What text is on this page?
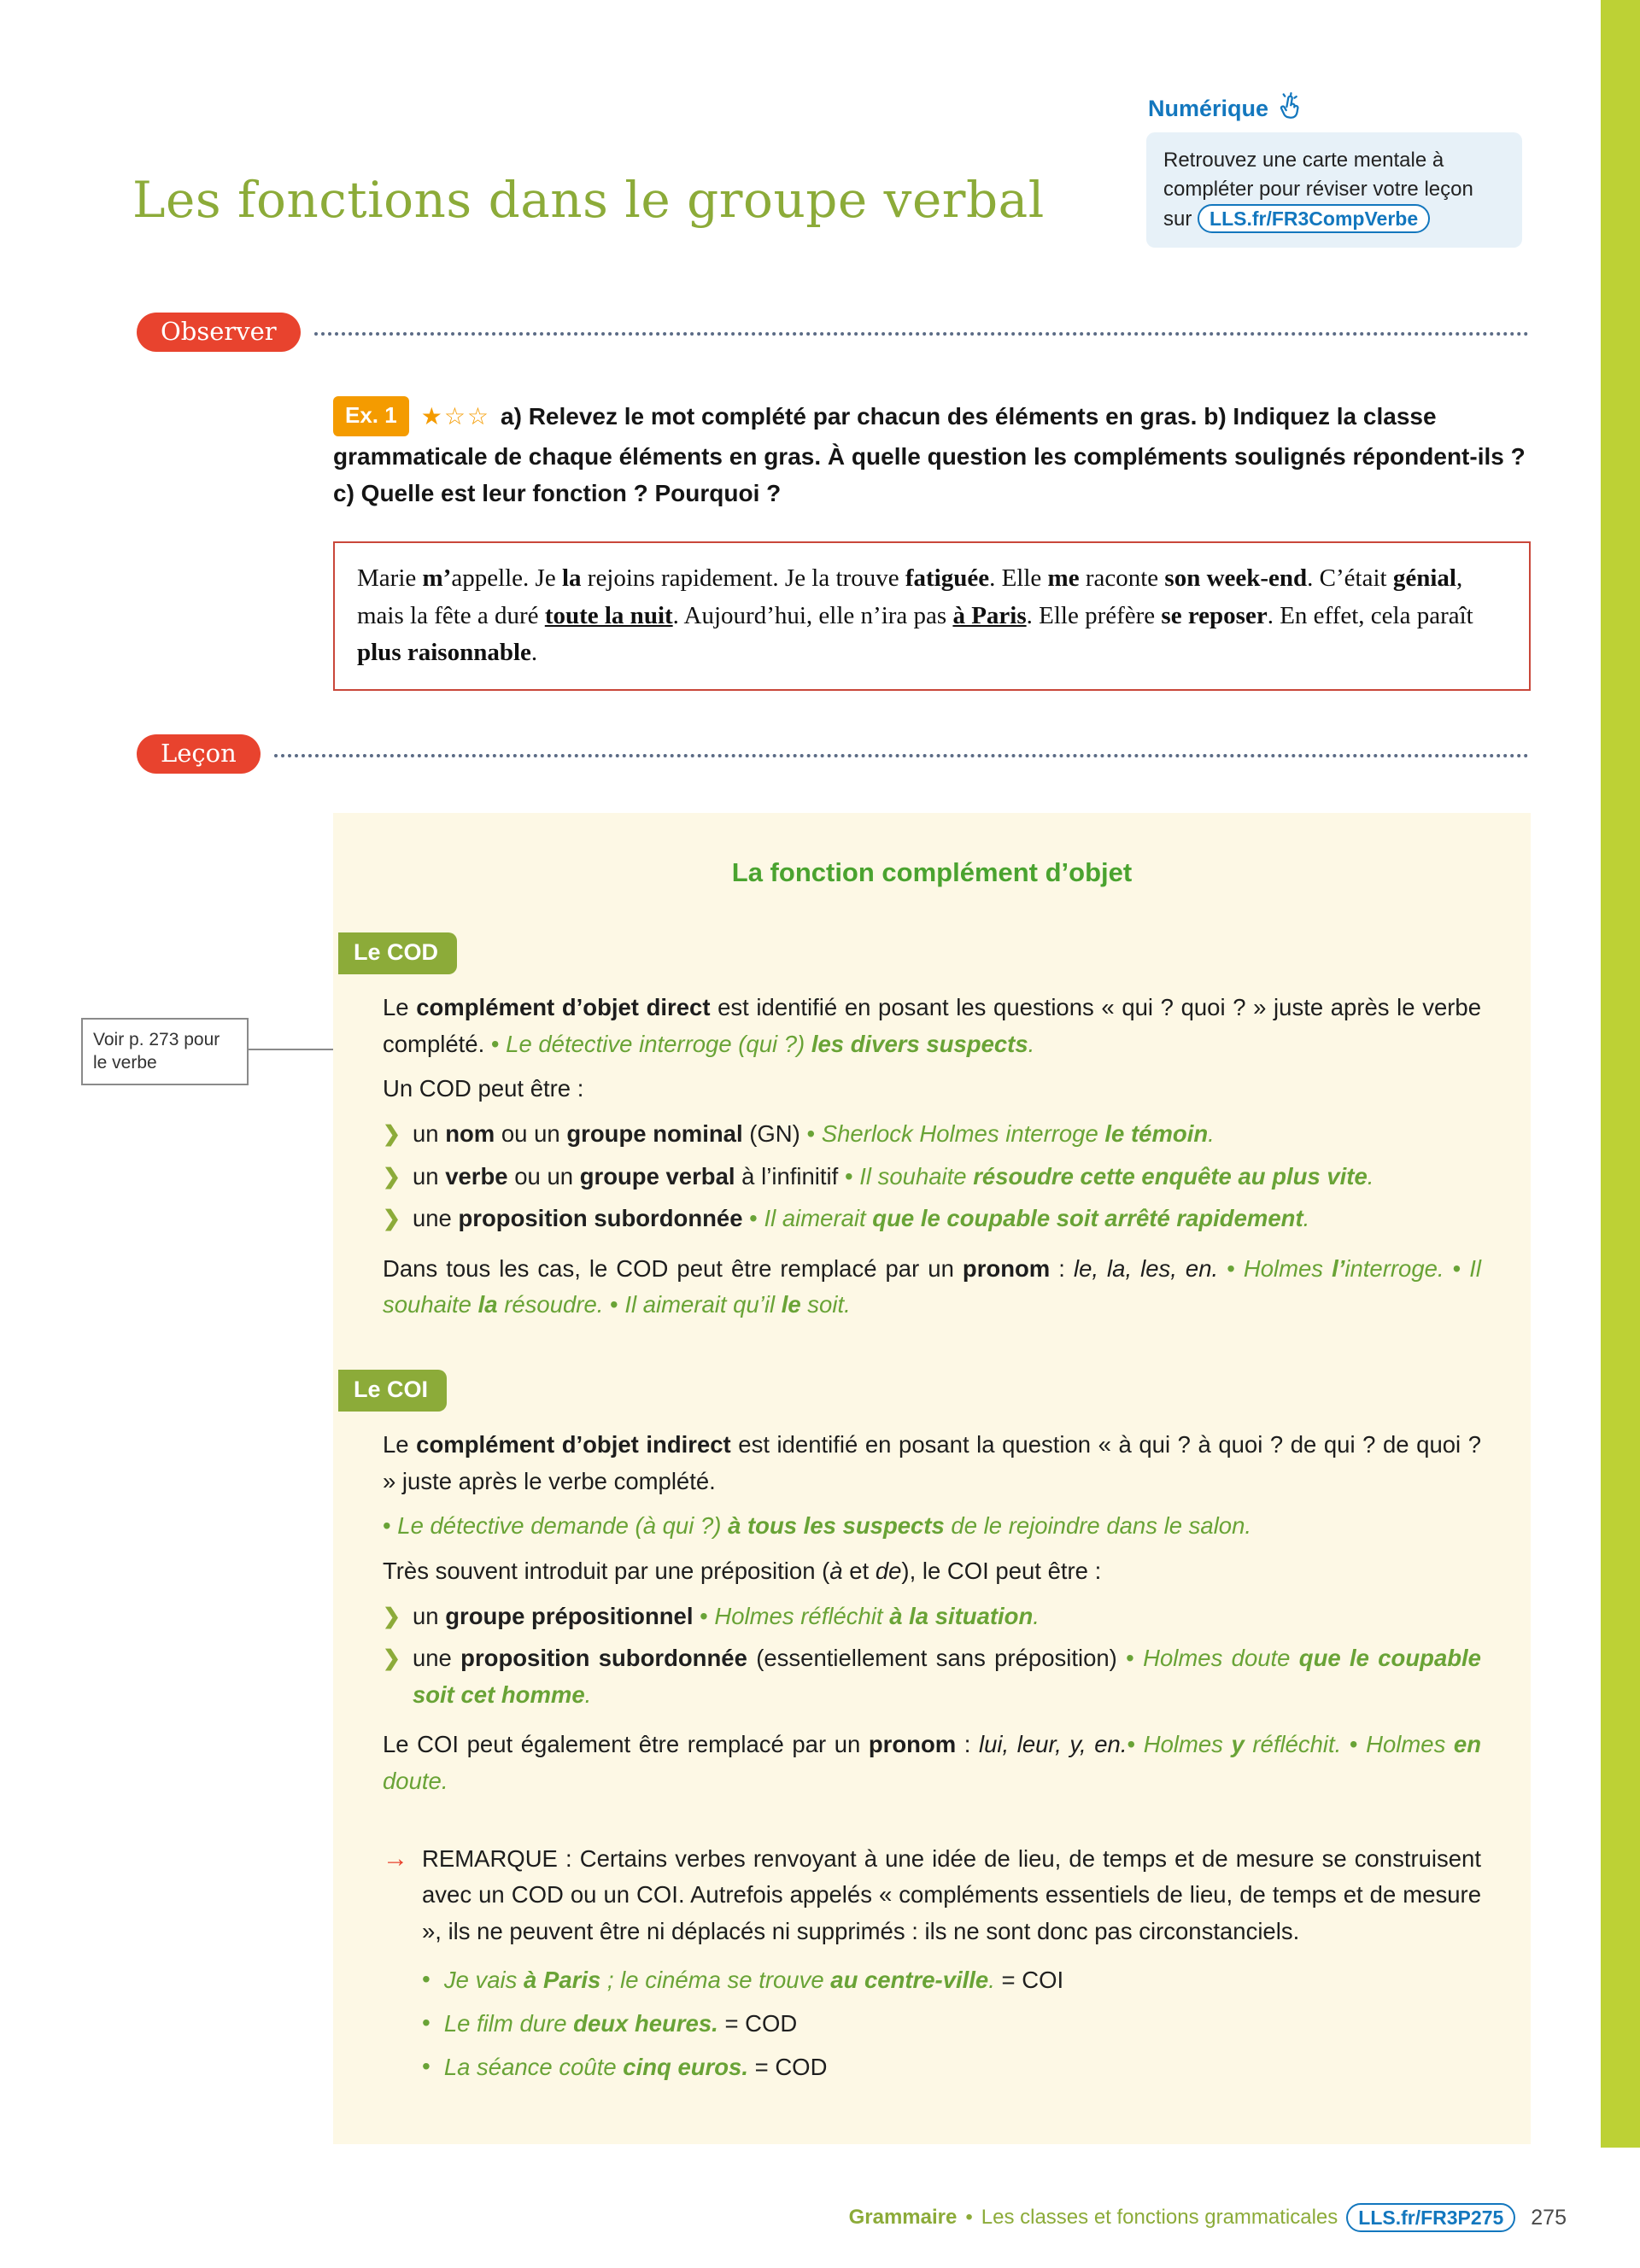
Les fonctions dans le groupe verbal
Numérique
Retrouvez une carte mentale à compléter pour réviser votre leçon sur LLS.fr/FR3CompVerbe
Observer
Ex. 1 ★☆☆ a) Relevez le mot complété par chacun des éléments en gras. b) Indiquez la classe grammaticale de chaque éléments en gras. À quelle question les compléments soulignés répondent-ils ? c) Quelle est leur fonction ? Pourquoi ?

Marie m’appelle. Je la rejoins rapidement. Je la trouve fatiguée. Elle me raconte son week-end. C’était génial, mais la fête a duré toute la nuit. Aujourd’hui, elle n’ira pas à Paris. Elle préfère se reposer. En effet, cela paraît plus raisonnable.

Leçon
Voir p. 273 pour le verbe
La fonction complément d’objet
Le COD

Le complément d’objet direct est identifié en posant les questions « qui ? quoi ? » juste après le verbe complété. • Le détective interroge (qui ?) les divers suspects.

Un COD peut être :

❯ un nom ou un groupe nominal (GN) • Sherlock Holmes interroge le témoin.
❯ un verbe ou un groupe verbal à l’infinitif • Il souhaite résoudre cette enquête au plus vite.
❯ une proposition subordonnée • Il aimerait que le coupable soit arrêté rapidement.

Dans tous les cas, le COD peut être remplacé par un pronom : le, la, les, en. • Holmes l’interroge. • Il souhaite la résoudre. • Il aimerait qu’il le soit.

Le COI

Le complément d’objet indirect est identifié en posant la question « à qui ? à quoi ? de qui ? de quoi ? » juste après le verbe complété.

• Le détective demande (à qui ?) à tous les suspects de le rejoindre dans le salon.

Très souvent introduit par une préposition (à et de), le COI peut être :

❯ un groupe prépositionnel • Holmes réfléchit à la situation.
❯ une proposition subordonnée (essentiellement sans préposition) • Holmes doute que le coupable soit cet homme.

Le COI peut également être remplacé par un pronom : lui, leur, y, en.• Holmes y réfléchit. • Holmes en doute.

→ REMARQUE : Certains verbes renvoyant à une idée de lieu, de temps et de mesure se construisent avec un COD ou un COI. Autrefois appelés « compléments essentiels de lieu, de temps et de mesure », ils ne peuvent être ni déplacés ni supprimés : ils ne sont donc pas circonstanciels.

• Je vais à Paris ; le cinéma se trouve au centre-ville. = COI
• Le film dure deux heures. = COD
• La séance coûte cinq euros. = COD
Grammaire • Les classes et fonctions grammaticales	LLS.fr/FR3P275	275
